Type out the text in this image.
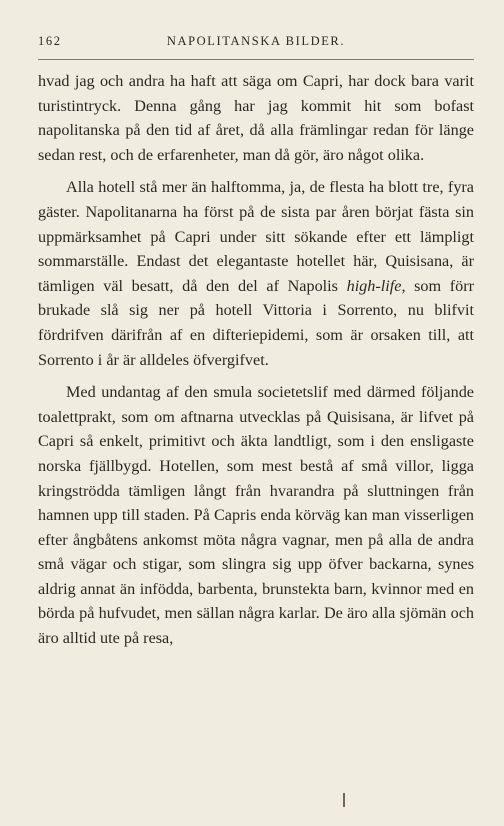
162	NAPOLITANSKA BILDER.

hvad jag och andra ha haft att säga om Capri, har dock bara varit turistintryck. Denna gång har jag kommit hit som bofast napolitanska på den tid af året, då alla främlingar redan för länge sedan rest, och de erfarenheter, man då gör, äro något olika.

Alla hotell stå mer än halftomma, ja, de flesta ha blott tre, fyra gäster. Napolitanarna ha först på de sista par åren börjat fästa sin uppmärksamhet på Capri under sitt sökande efter ett lämpligt sommarställe. Endast det elegantaste hotellet här, Quisisana, är tämligen väl besatt, då den del af Napolis high-life, som förr brukade slå sig ner på hotell Vittoria i Sorrento, nu blifvit fördrifven därifrån af en difteriepidemi, som är orsaken till, att Sorrento i år är alldeles öfvergifvet.

Med undantag af den smula societetslif med därmed följande toalettprakt, som om aftnarna utvecklas på Quisisana, är lifvet på Capri så enkelt, primitivt och äkta landtligt, som i den ensligaste norska fjällbygd. Hotellen, som mest bestå af små villor, ligga kringströdda tämligen långt från hvarandra på sluttningen från hamnen upp till staden. På Capris enda körväg kan man visserligen efter ångbåtens ankomst möta några vagnar, men på alla de andra små vägar och stigar, som slingra sig upp öfver backarna, synes aldrig annat än infödda, barbenta, brunstekta barn, kvinnor med en börda på hufvudet, men sällan några karlar. De äro alla sjömän och äro alltid ute på resa,
